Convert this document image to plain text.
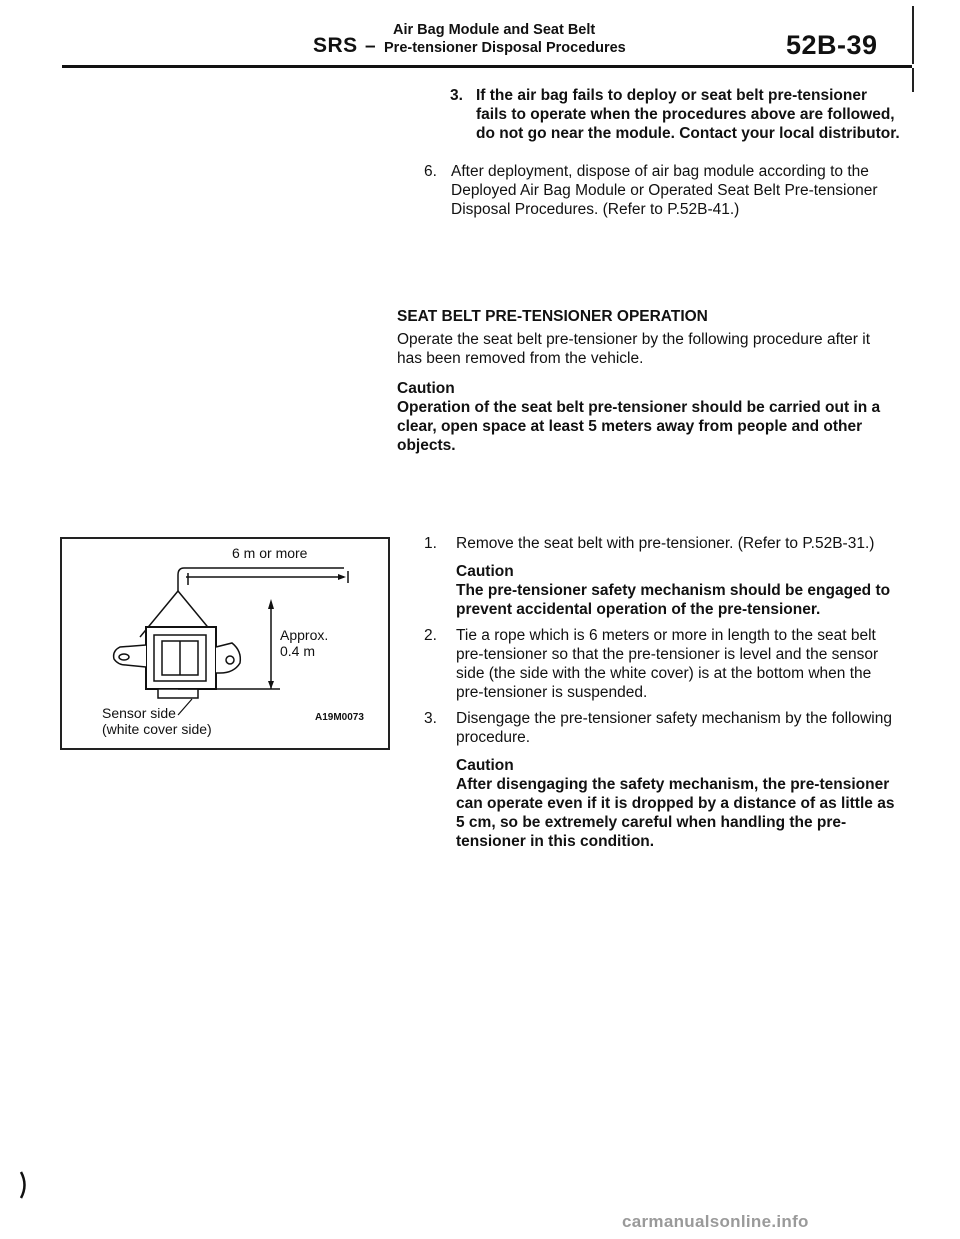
SRS –
Air Bag Module and Seat Belt
Pre-tensioner Disposal Procedures	52B-39
3. If the air bag fails to deploy or seat belt pre-tensioner fails to operate when the procedures above are followed, do not go near the module. Contact your local distributor.
6. After deployment, dispose of air bag module according to the Deployed Air Bag Module or Operated Seat Belt Pre-tensioner Disposal Procedures. (Refer to P.52B-41.)
SEAT BELT PRE-TENSIONER OPERATION
Operate the seat belt pre-tensioner by the following procedure after it has been removed from the vehicle.
Caution
Operation of the seat belt pre-tensioner should be carried out in a clear, open space at least 5 meters away from people and other objects.
6 m or more
Approx.
0.4 m
Sensor side
(white cover side)
A19M0073
1. Remove the seat belt with pre-tensioner. (Refer to P.52B-31.)
Caution
The pre-tensioner safety mechanism should be engaged to prevent accidental operation of the pre-tensioner.
2. Tie a rope which is 6 meters or more in length to the seat belt pre-tensioner so that the pre-tensioner is level and the sensor side (the side with the white cover) is at the bottom when the pre-tensioner is suspended.
3. Disengage the pre-tensioner safety mechanism by the following procedure.
Caution
After disengaging the safety mechanism, the pre-tensioner can operate even if it is dropped by a distance of as little as 5 cm, so be extremely careful when handling the pre-tensioner in this condition.
carmanualsonline.info
